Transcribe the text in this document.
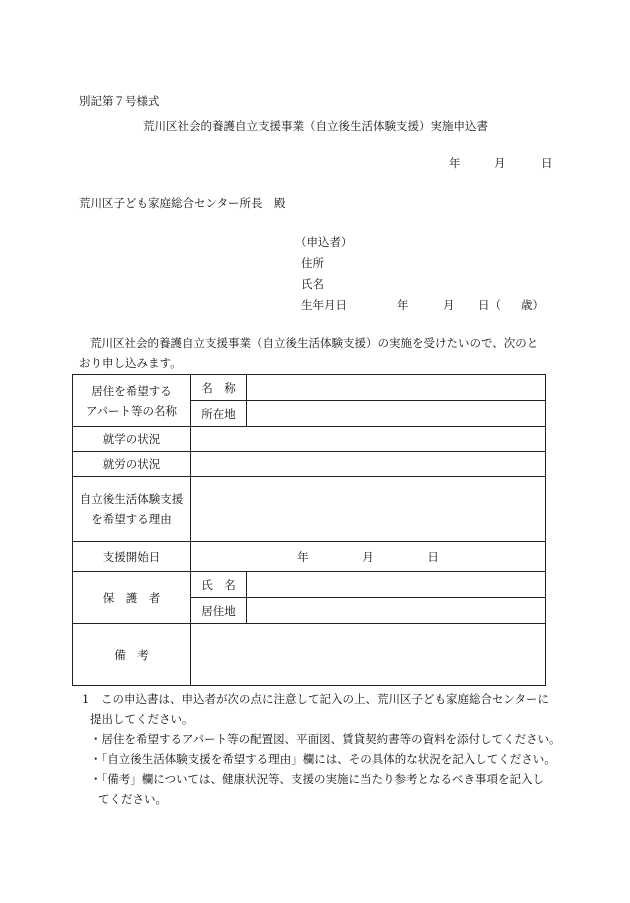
別記第７号様式
荒川区社会的養護自立支援事業（自立後生活体験支援）実施申込書
年	月	日
荒川区子ども家庭総合センター所長　殿
（申込者）
住所
氏名
生年月日	年	月 日（ 歳）
荒川区社会的養護自立支援事業（自立後生活体験支援）の実施を受けたいので、次のとおり申し込みます。
居住を希望する
アパート等の名称	名　称	
	所在地	
就学の状況		
就労の状況		

自立後生活体験支援
を希望する理由		

支援開始日	年 月 日	
保　護　者	氏　名	
	居住地	
備　考		
1 この申込書は、申込者が次の点に注意して記入の上、荒川区子ども家庭総合センターに
提出してください。
・居住を希望するアパート等の配置図、平面図、賃貸契約書等の資料を添付してください。
・「自立後生活体験支援を希望する理由」欄には、その具体的な状況を記入してください。
・「備考」欄については、健康状況等、支援の実施に当たり参考となるべき事項を記入し
てください。
